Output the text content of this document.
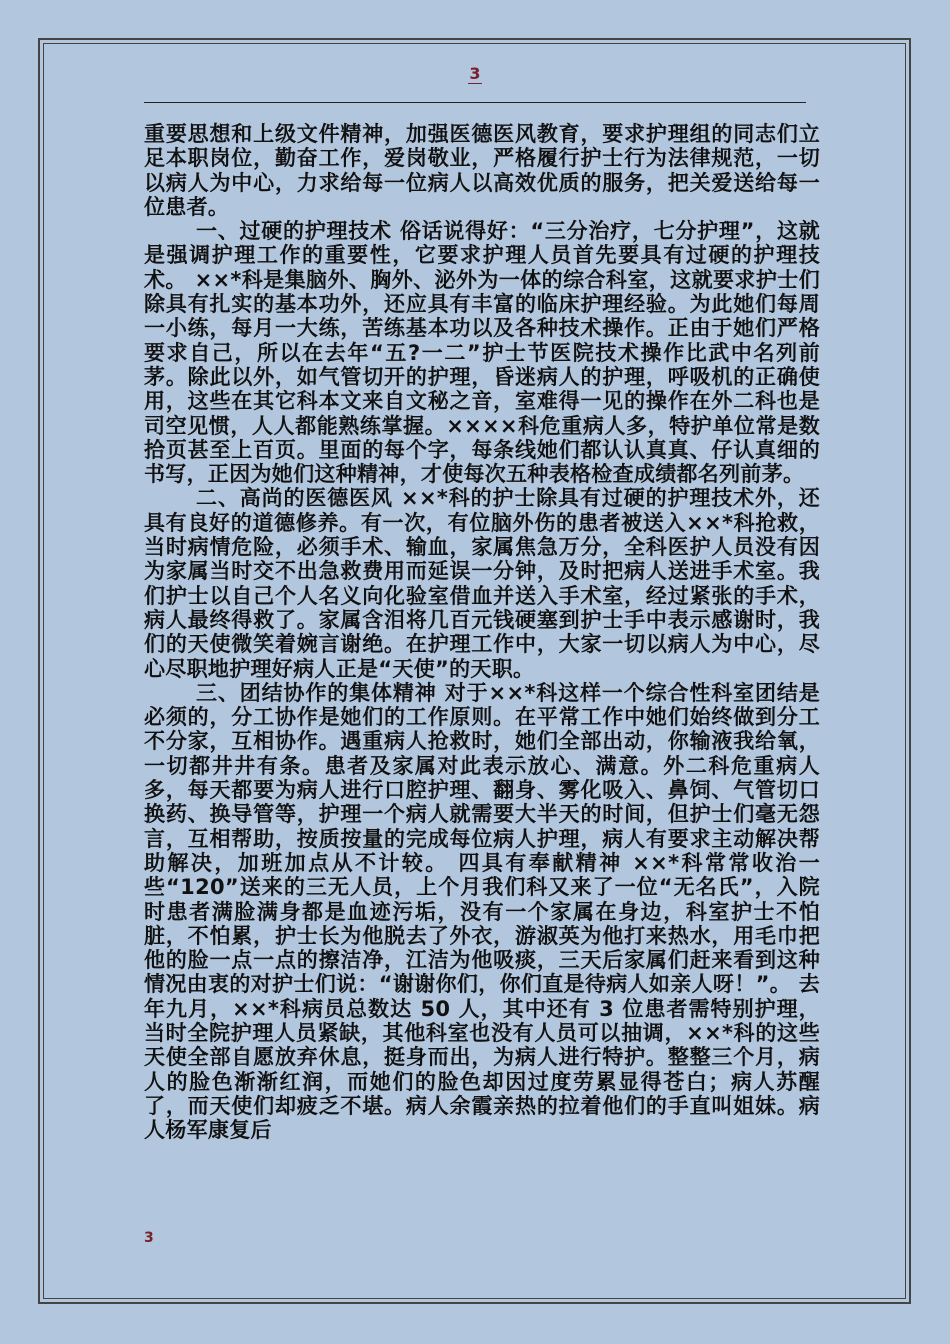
3

重要思想和上级文件精神，加强医德医风教育，要求护理组的同志们立足本职岗位，勤奋工作，爱岗敬业，严格履行护士行为法律规范，一切以病人为中心，力求给每一位病人以高效优质的服务，把关爱送给每一位患者。

一、过硬的护理技术 俗话说得好：“三分治疗，七分护理”，这就是强调护理工作的重要性，它要求护理人员首先要具有过硬的护理技术。 ××*科是集脑外、胸外、泌外为一体的综合科室，这就要求护士们除具有扎实的基本功外，还应具有丰富的临床护理经验。为此她们每周一小练，每月一大练，苦练基本功以及各种技术操作。正由于她们严格要求自己，所以在去年“五?一二”护士节医院技术操作比武中名列前茅。除此以外，如气管切开的护理，昏迷病人的护理，呼吸机的正确使用，这些在其它科本文来自文秘之音，室难得一见的操作在外二科也是司空见惯，人人都能熟练掌握。××××科危重病人多，特护单位常是数拾页甚至上百页。里面的每个字，每条线她们都认认真真、仔认真细的书写，正因为她们这种精神，才使每次五种表格检查成绩都名列前茅。

二、高尚的医德医风 ××*科的护士除具有过硬的护理技术外，还具有良好的道德修养。有一次，有位脑外伤的患者被送入××*科抢救，当时病情危险，必须手术、输血，家属焦急万分，全科医护人员没有因为家属当时交不出急救费用而延误一分钟，及时把病人送进手术室。我们护士以自己个人名义向化验室借血并送入手术室，经过紧张的手术，病人最终得救了。家属含泪将几百元钱硬塞到护士手中表示感谢时，我们的天使微笑着婉言谢绝。在护理工作中，大家一切以病人为中心，尽心尽职地护理好病人正是“天使”的天职。

三、团结协作的集体精神 对于××*科这样一个综合性科室团结是必须的，分工协作是她们的工作原则。在平常工作中她们始终做到分工不分家，互相协作。遇重病人抢救时，她们全部出动，你输液我给氧，一切都井井有条。患者及家属对此表示放心、满意。外二科危重病人多，每天都要为病人进行口腔护理、翻身、雾化吸入、鼻饲、气管切口换药、换导管等，护理一个病人就需要大半天的时间，但护士们毫无怨言，互相帮助，按质按量的完成每位病人护理，病人有要求主动解决帮助解决，加班加点从不计较。 四具有奉献精神 ××*科常常收治一些“120”送来的三无人员，上个月我们科又来了一位“无名氏”，入院时患者满脸满身都是血迹污垢，没有一个家属在身边，科室护士不怕脏，不怕累，护士长为他脱去了外衣，游淑英为他打来热水，用毛巾把他的脸一点一点的擦洁净，江洁为他吸痰，三天后家属们赶来看到这种情况由衷的对护士们说：“谢谢你们，你们直是待病人如亲人呀！”。 去年九月，××*科病员总数达 50 人，其中还有 3 位患者需特别护理，当时全院护理人员紧缺，其他科室也没有人员可以抽调，××*科的这些天使全部自愿放弃休息，挺身而出，为病人进行特护。整整三个月，病人的脸色渐渐红润，而她们的脸色却因过度劳累显得苍白；病人苏醒了，而天使们却疲乏不堪。病人余霞亲热的拉着他们的手直叫姐妹。病人杨军康复后

3
